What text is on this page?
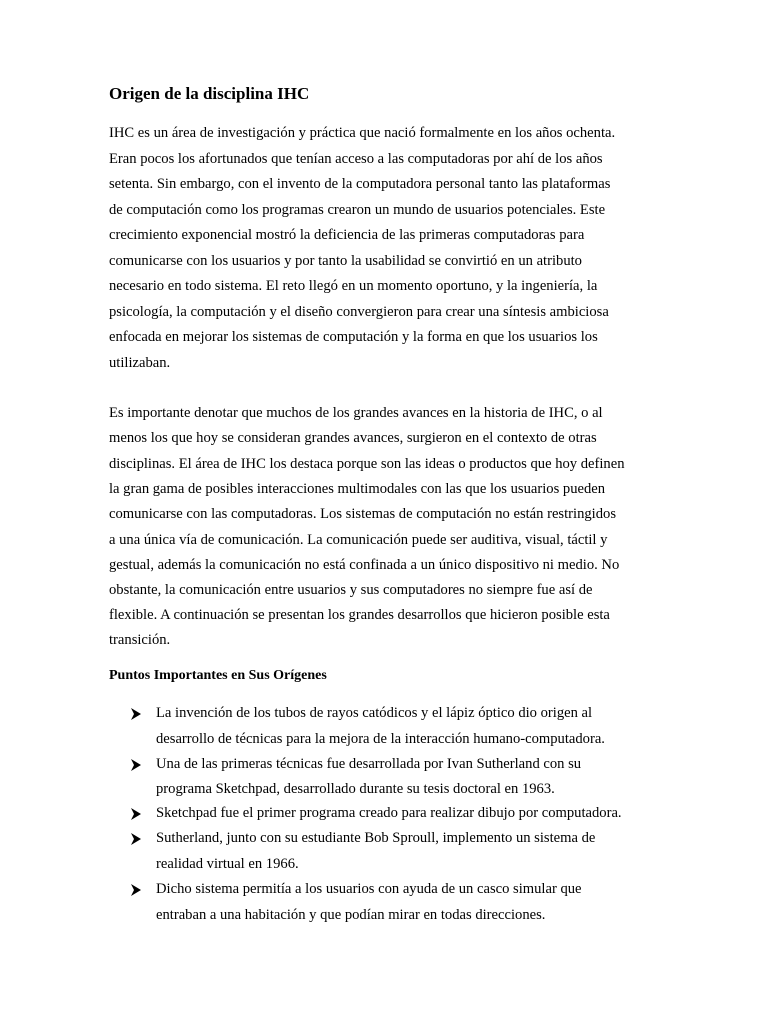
Origen de la disciplina IHC

IHC es un área de investigación y práctica que nació formalmente en los años ochenta.

Eran pocos los afortunados que tenían acceso a las computadoras por ahí de los años

setenta. Sin embargo, con el invento de la computadora personal tanto las plataformas

de computación como los programas crearon un mundo de usuarios potenciales. Este

crecimiento exponencial mostró la deficiencia de las primeras computadoras para

comunicarse con los usuarios y por tanto la usabilidad se convirtió en un atributo

necesario en todo sistema. El reto llegó en un momento oportuno, y la ingeniería, la

psicología, la computación y el diseño convergieron para crear una síntesis ambiciosa

enfocada en mejorar los sistemas de computación y la forma en que los usuarios los

utilizaban.

Es importante denotar que muchos de los grandes avances en la historia de IHC, o al

menos los que hoy se consideran grandes avances, surgieron en el contexto de otras

disciplinas. El área de IHC los destaca porque son las ideas o productos que hoy definen

la gran gama de posibles interacciones multimodales con las que los usuarios pueden

comunicarse con las computadoras. Los sistemas de computación no están restringidos

a una única vía de comunicación. La comunicación puede ser auditiva, visual, táctil y

gestual, además la comunicación no está confinada a un único dispositivo ni medio. No

obstante, la comunicación entre usuarios y sus computadores no siempre fue así de

flexible. A continuación se presentan los grandes desarrollos que hicieron posible esta

transición.

Puntos Importantes en Sus Orígenes

La invención de los tubos de rayos catódicos y el lápiz óptico dio origen al

desarrollo de técnicas para la mejora de la interacción humano-computadora.

Una de las primeras técnicas fue desarrollada por Ivan Sutherland con su

programa Sketchpad, desarrollado durante su tesis doctoral en 1963.

Sketchpad fue el primer programa creado para realizar dibujo por computadora.

Sutherland, junto con su estudiante Bob Sproull, implemento un sistema de

realidad virtual en 1966.

Dicho sistema permitía a los usuarios con ayuda de un casco simular que

entraban a una habitación y que podían mirar en todas direcciones.
